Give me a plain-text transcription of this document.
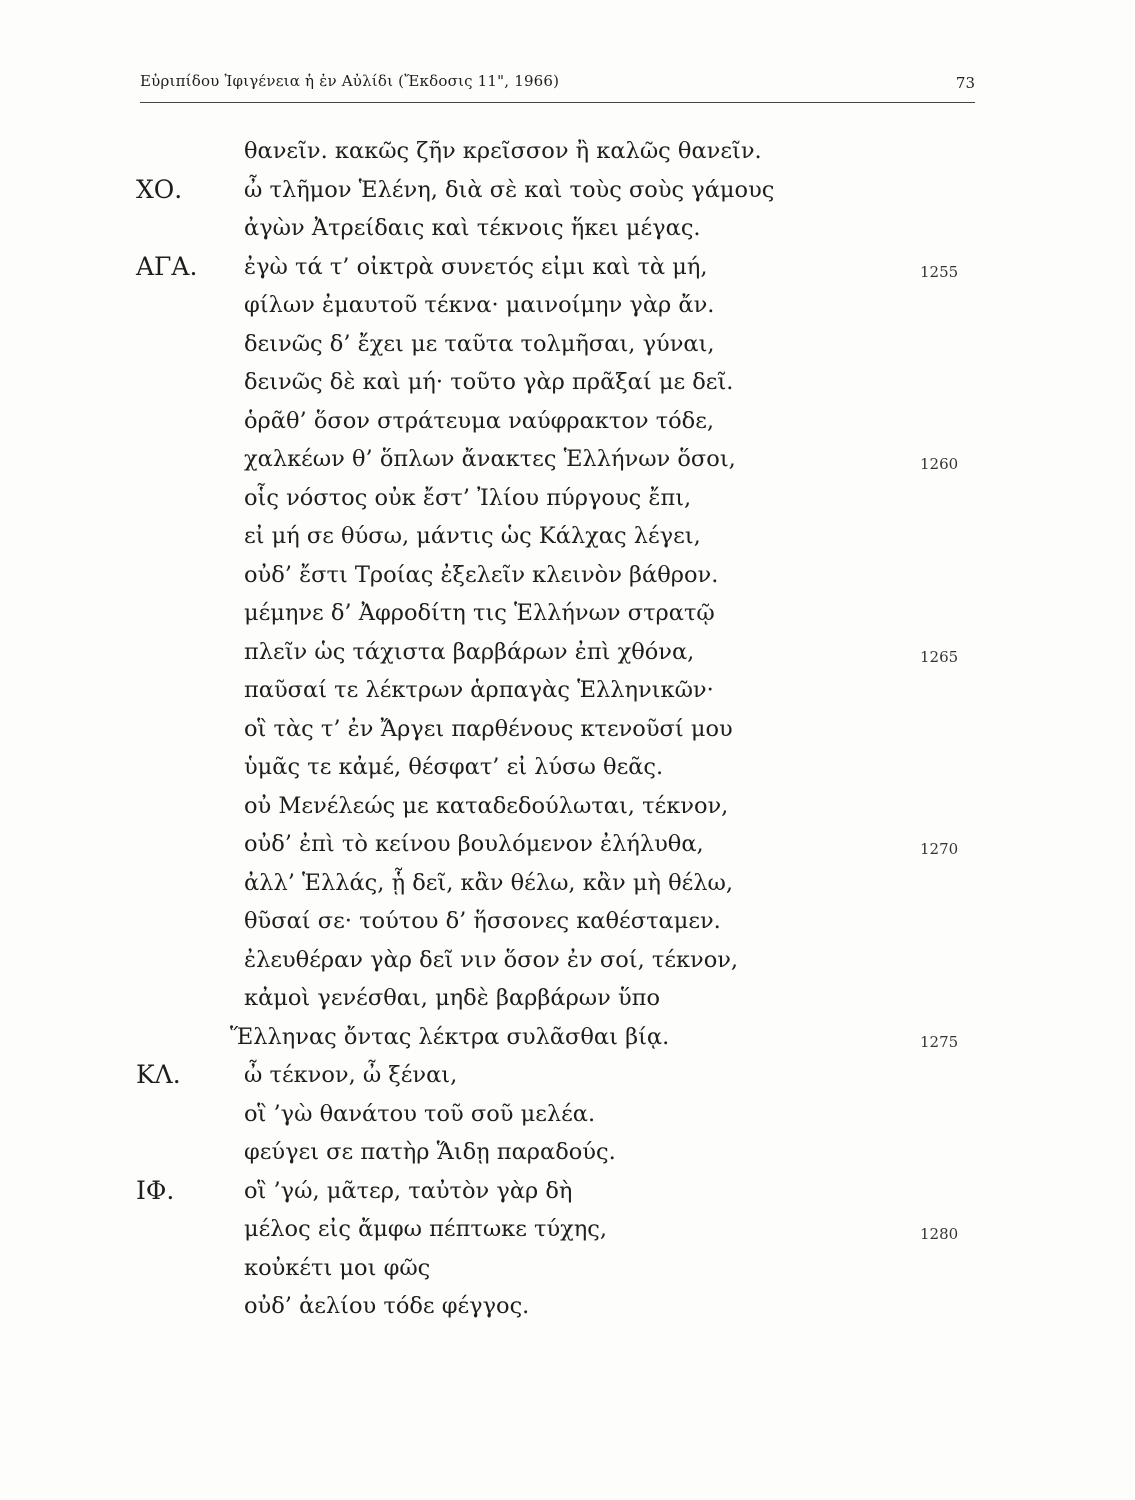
Εὐριπίδου Ἰφιγένεια ἡ ἐν Αὐλίδι (Ἔκδοσις 11", 1966)	73
θανεῖν. κακῶς ζῆν κρεῖσσον ἢ καλῶς θανεῖν.
ΧΟ.	ὦ τλῆμον Ἑλένη, διὰ σὲ καὶ τοὺς σοὺς γάμους
ἀγὼν Ἀτρείδαις καὶ τέκνοις ἥκει μέγας.
ΑΓΑ. ἐγὼ τά τ’ οἰκτρὰ συνετός εἰμι καὶ τὰ μή,	1255
φίλων ἐμαυτοῦ τέκνα· μαινοίμην γὰρ ἄν.
δεινῶς δ’ ἔχει με ταῦτα τολμῆσαι, γύναι,
δεινῶς δὲ καὶ μή· τοῦτο γὰρ πρᾶξαί με δεῖ.
ὁρᾶθ’ ὅσον στράτευμα ναύφρακτον τόδε,
χαλκέων θ’ ὅπλων ἄνακτες Ἑλλήνων ὅσοι,	1260
οἷς νόστος οὐκ ἔστ’ Ἰλίου πύργους ἔπι,
εἰ μή σε θύσω, μάντις ὡς Κάλχας λέγει,
οὐδ’ ἔστι Τροίας ἐξελεῖν κλεινὸν βάθρον.
μέμηνε δ’ Ἀφροδίτη τις Ἑλλήνων στρατῷ
πλεῖν ὡς τάχιστα βαρβάρων ἐπὶ χθόνα,	1265
παῦσαί τε λέκτρων ἁρπαγὰς Ἑλληνικῶν·
οἳ τὰς τ’ ἐν Ἄργει παρθένους κτενοῦσί μου
ὑμᾶς τε κἀμέ, θέσφατ’ εἰ λύσω θεᾶς.
οὐ Μενέλεώς με καταδεδούλωται, τέκνον,
οὐδ’ ἐπὶ τὸ κείνου βουλόμενον ἐλήλυθα,	1270
ἀλλ’ Ἑλλάς, ᾗ δεῖ, κἂν θέλω, κἂν μὴ θέλω,
θῦσαί σε· τούτου δ’ ἥσσονες καθέσταμεν.
ἐλευθέραν γὰρ δεῖ νιν ὅσον ἐν σοί, τέκνον,
κἀμοὶ γενέσθαι, μηδὲ βαρβάρων ὕπο
Ἕλληνας ὄντας λέκτρα συλᾶσθαι βίᾳ.	1275
ΚΛ.	ὦ τέκνον, ὦ ξέναι,
οἳ ’γὼ θανάτου τοῦ σοῦ μελέα.
φεύγει σε πατὴρ Ἅιδῃ παραδούς.
ΙΦ.	οἳ ’γώ, μᾶτερ, ταὐτὸν γὰρ δὴ
μέλος εἰς ἄμφω πέπτωκε τύχης,	1280
κοὐκέτι μοι φῶς
οὐδ’ ἀελίου τόδε φέγγος.
